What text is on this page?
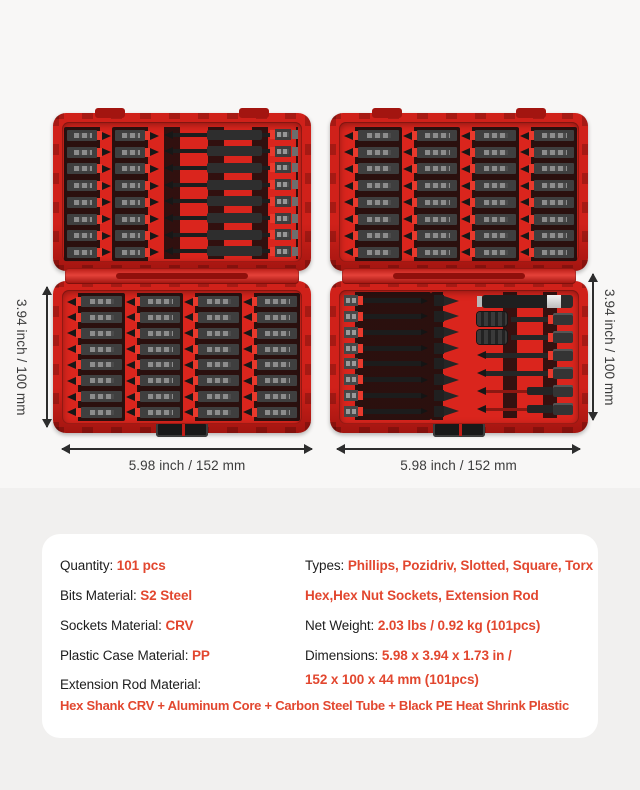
3.94 inch / 100 mm	3.94 inch / 100 mm
5.98 inch / 152 mm	5.98 inch / 152 mm
Quantity: 101 pcs
Bits Material: S2 Steel
Sockets Material: CRV
Plastic Case Material: PP
Extension Rod Material:
Types: Phillips, Pozidriv, Slotted, Square, Torx
Hex,Hex Nut Sockets, Extension Rod
Net Weight: 2.03 lbs / 0.92 kg (101pcs)
Dimensions: 5.98 x 3.94 x 1.73 in /
152 x 100 x 44 mm (101pcs)
Hex Shank CRV + Aluminum Core + Carbon Steel Tube + Black PE Heat Shrink Plastic
